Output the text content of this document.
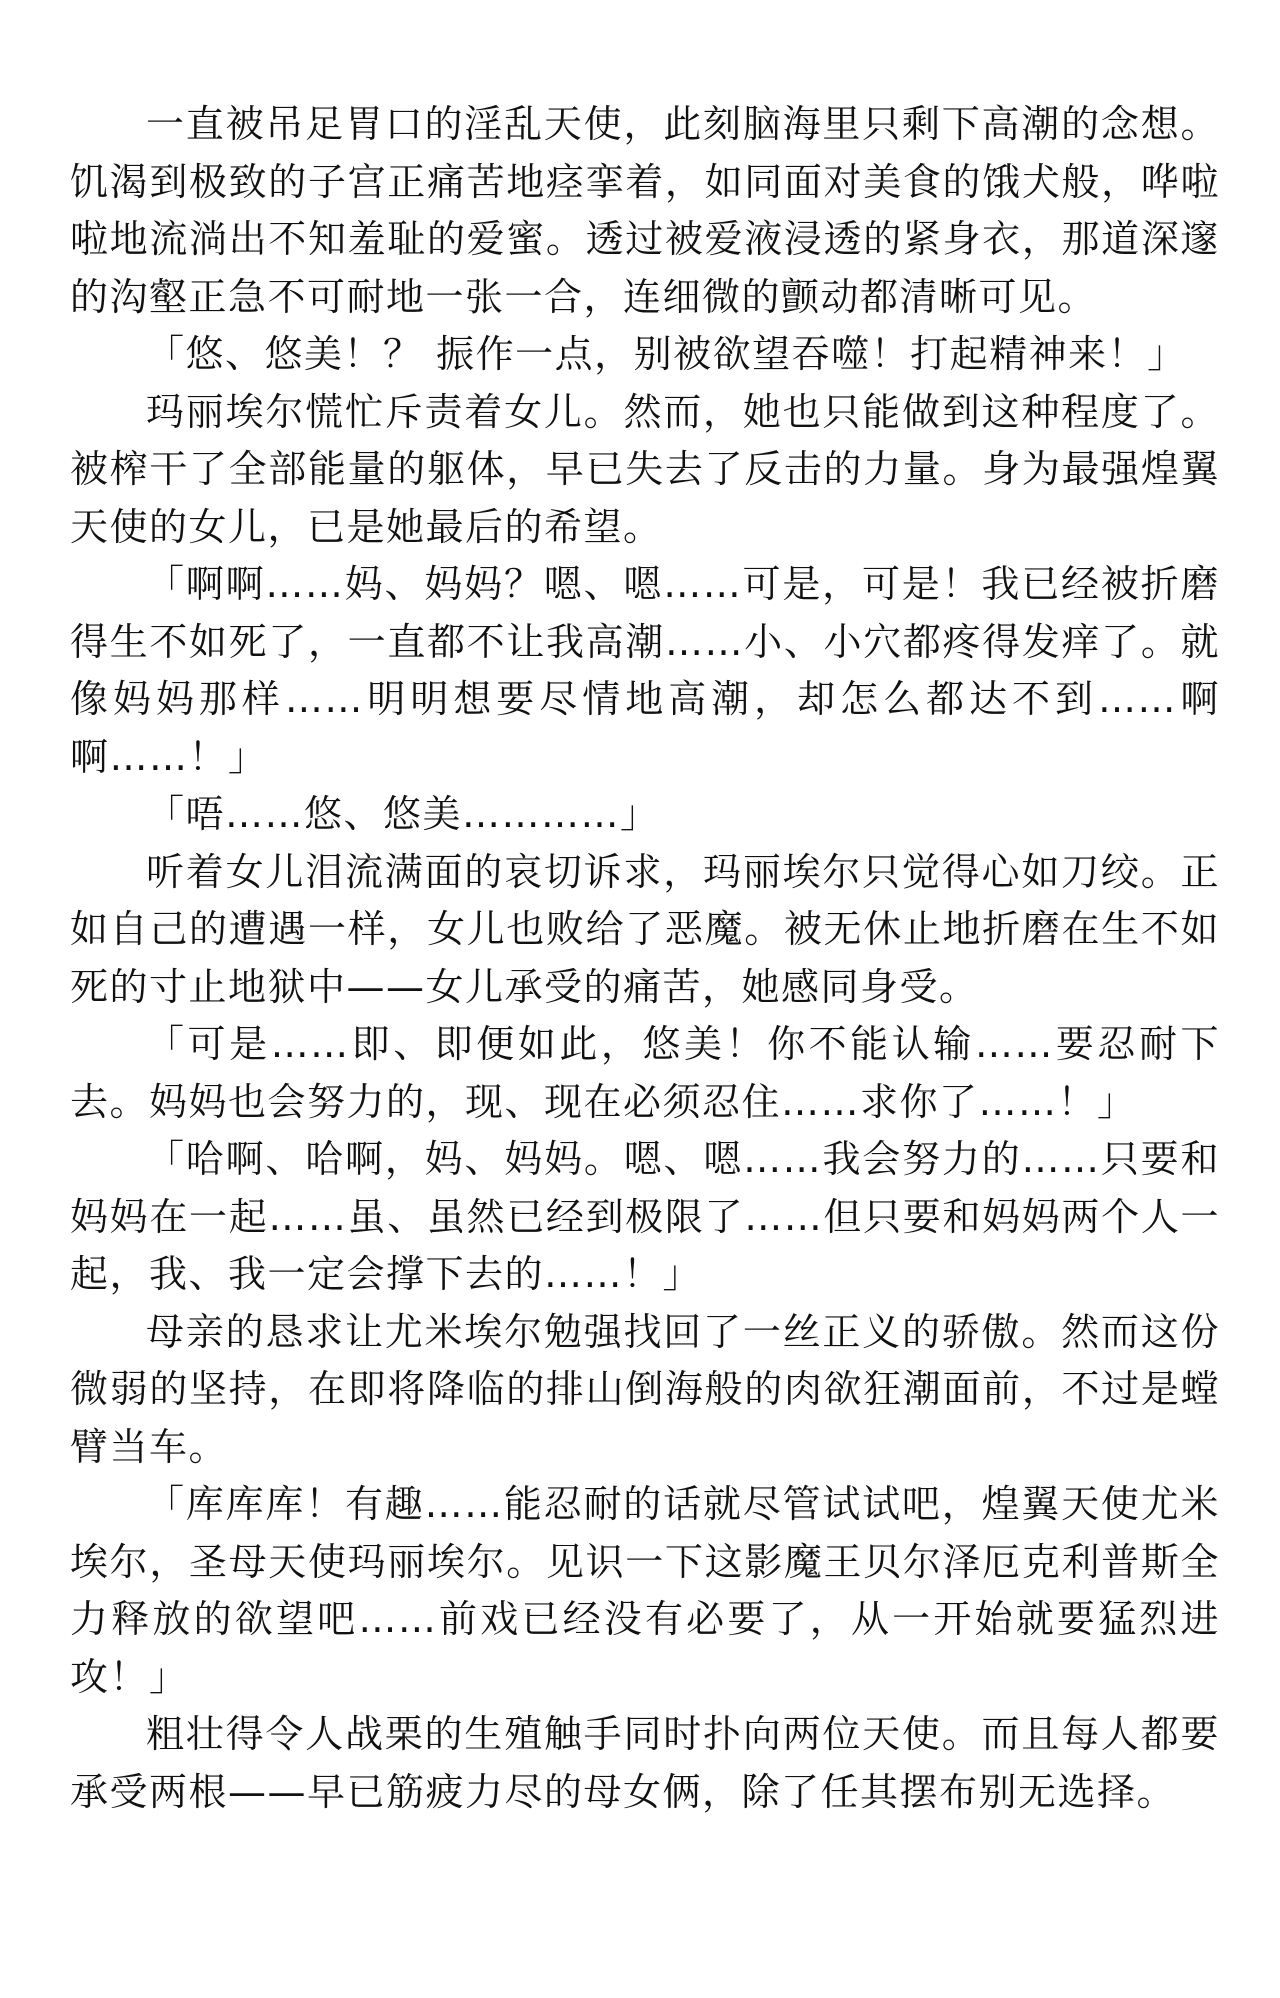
一直被吊足胃口的淫乱天使，此刻脑海里只剩下高潮的念想。饥渴到极致的子宫正痛苦地痉挛着，如同面对美食的饿犬般，哗啦啦地流淌出不知羞耻的爱蜜。透过被爱液浸透的紧身衣，那道深邃的沟壑正急不可耐地一张一合，连细微的颤动都清晰可见。

「悠、悠美！？ 振作一点，别被欲望吞噬！打起精神来！」

玛丽埃尔慌忙斥责着女儿。然而，她也只能做到这种程度了。被榨干了全部能量的躯体，早已失去了反击的力量。身为最强煌翼天使的女儿，已是她最后的希望。

「啊啊……妈、妈妈？嗯、嗯……可是，可是！我已经被折磨得生不如死了，一直都不让我高潮……小、小穴都疼得发痒了。就像妈妈那样……明明想要尽情地高潮，却怎么都达不到……啊啊……！」

「唔……悠、悠美…………」

听着女儿泪流满面的哀切诉求，玛丽埃尔只觉得心如刀绞。正如自己的遭遇一样，女儿也败给了恶魔。被无休止地折磨在生不如死的寸止地狱中——女儿承受的痛苦，她感同身受。

「可是……即、即便如此，悠美！你不能认输……要忍耐下去。妈妈也会努力的，现、现在必须忍住……求你了……！」

「哈啊、哈啊，妈、妈妈。嗯、嗯……我会努力的……只要和妈妈在一起……虽、虽然已经到极限了……但只要和妈妈两个人一起，我、我一定会撑下去的……！」

母亲的恳求让尤米埃尔勉强找回了一丝正义的骄傲。然而这份微弱的坚持，在即将降临的排山倒海般的肉欲狂潮面前，不过是螳臂当车。

「库库库！有趣……能忍耐的话就尽管试试吧，煌翼天使尤米埃尔，圣母天使玛丽埃尔。见识一下这影魔王贝尔泽厄克利普斯全力释放的欲望吧……前戏已经没有必要了，从一开始就要猛烈进攻！」

粗壮得令人战栗的生殖触手同时扑向两位天使。而且每人都要承受两根——早已筋疲力尽的母女俩，除了任其摆布别无选择。
